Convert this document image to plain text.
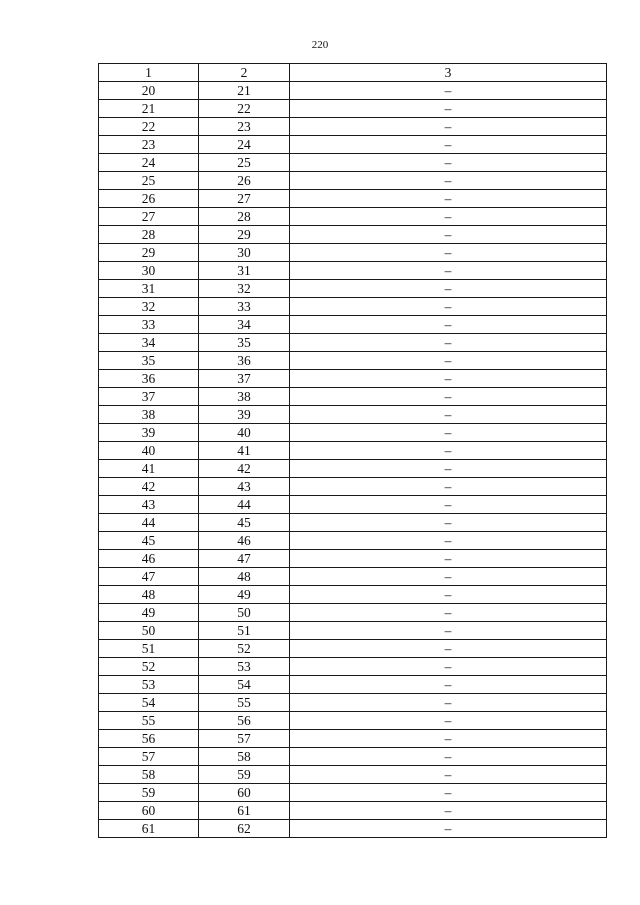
220
1	2	3
20	21	–
21	22	–
22	23	–
23	24	–
24	25	–
25	26	–
26	27	–
27	28	–
28	29	–
29	30	–
30	31	–
31	32	–
32	33	–
33	34	–
34	35	–
35	36	–
36	37	–
37	38	–
38	39	–
39	40	–
40	41	–
41	42	–
42	43	–
43	44	–
44	45	–
45	46	–
46	47	–
47	48	–
48	49	–
49	50	–
50	51	–
51	52	–
52	53	–
53	54	–
54	55	–
55	56	–
56	57	–
57	58	–
58	59	–
59	60	–
60	61	–
61	62	–
